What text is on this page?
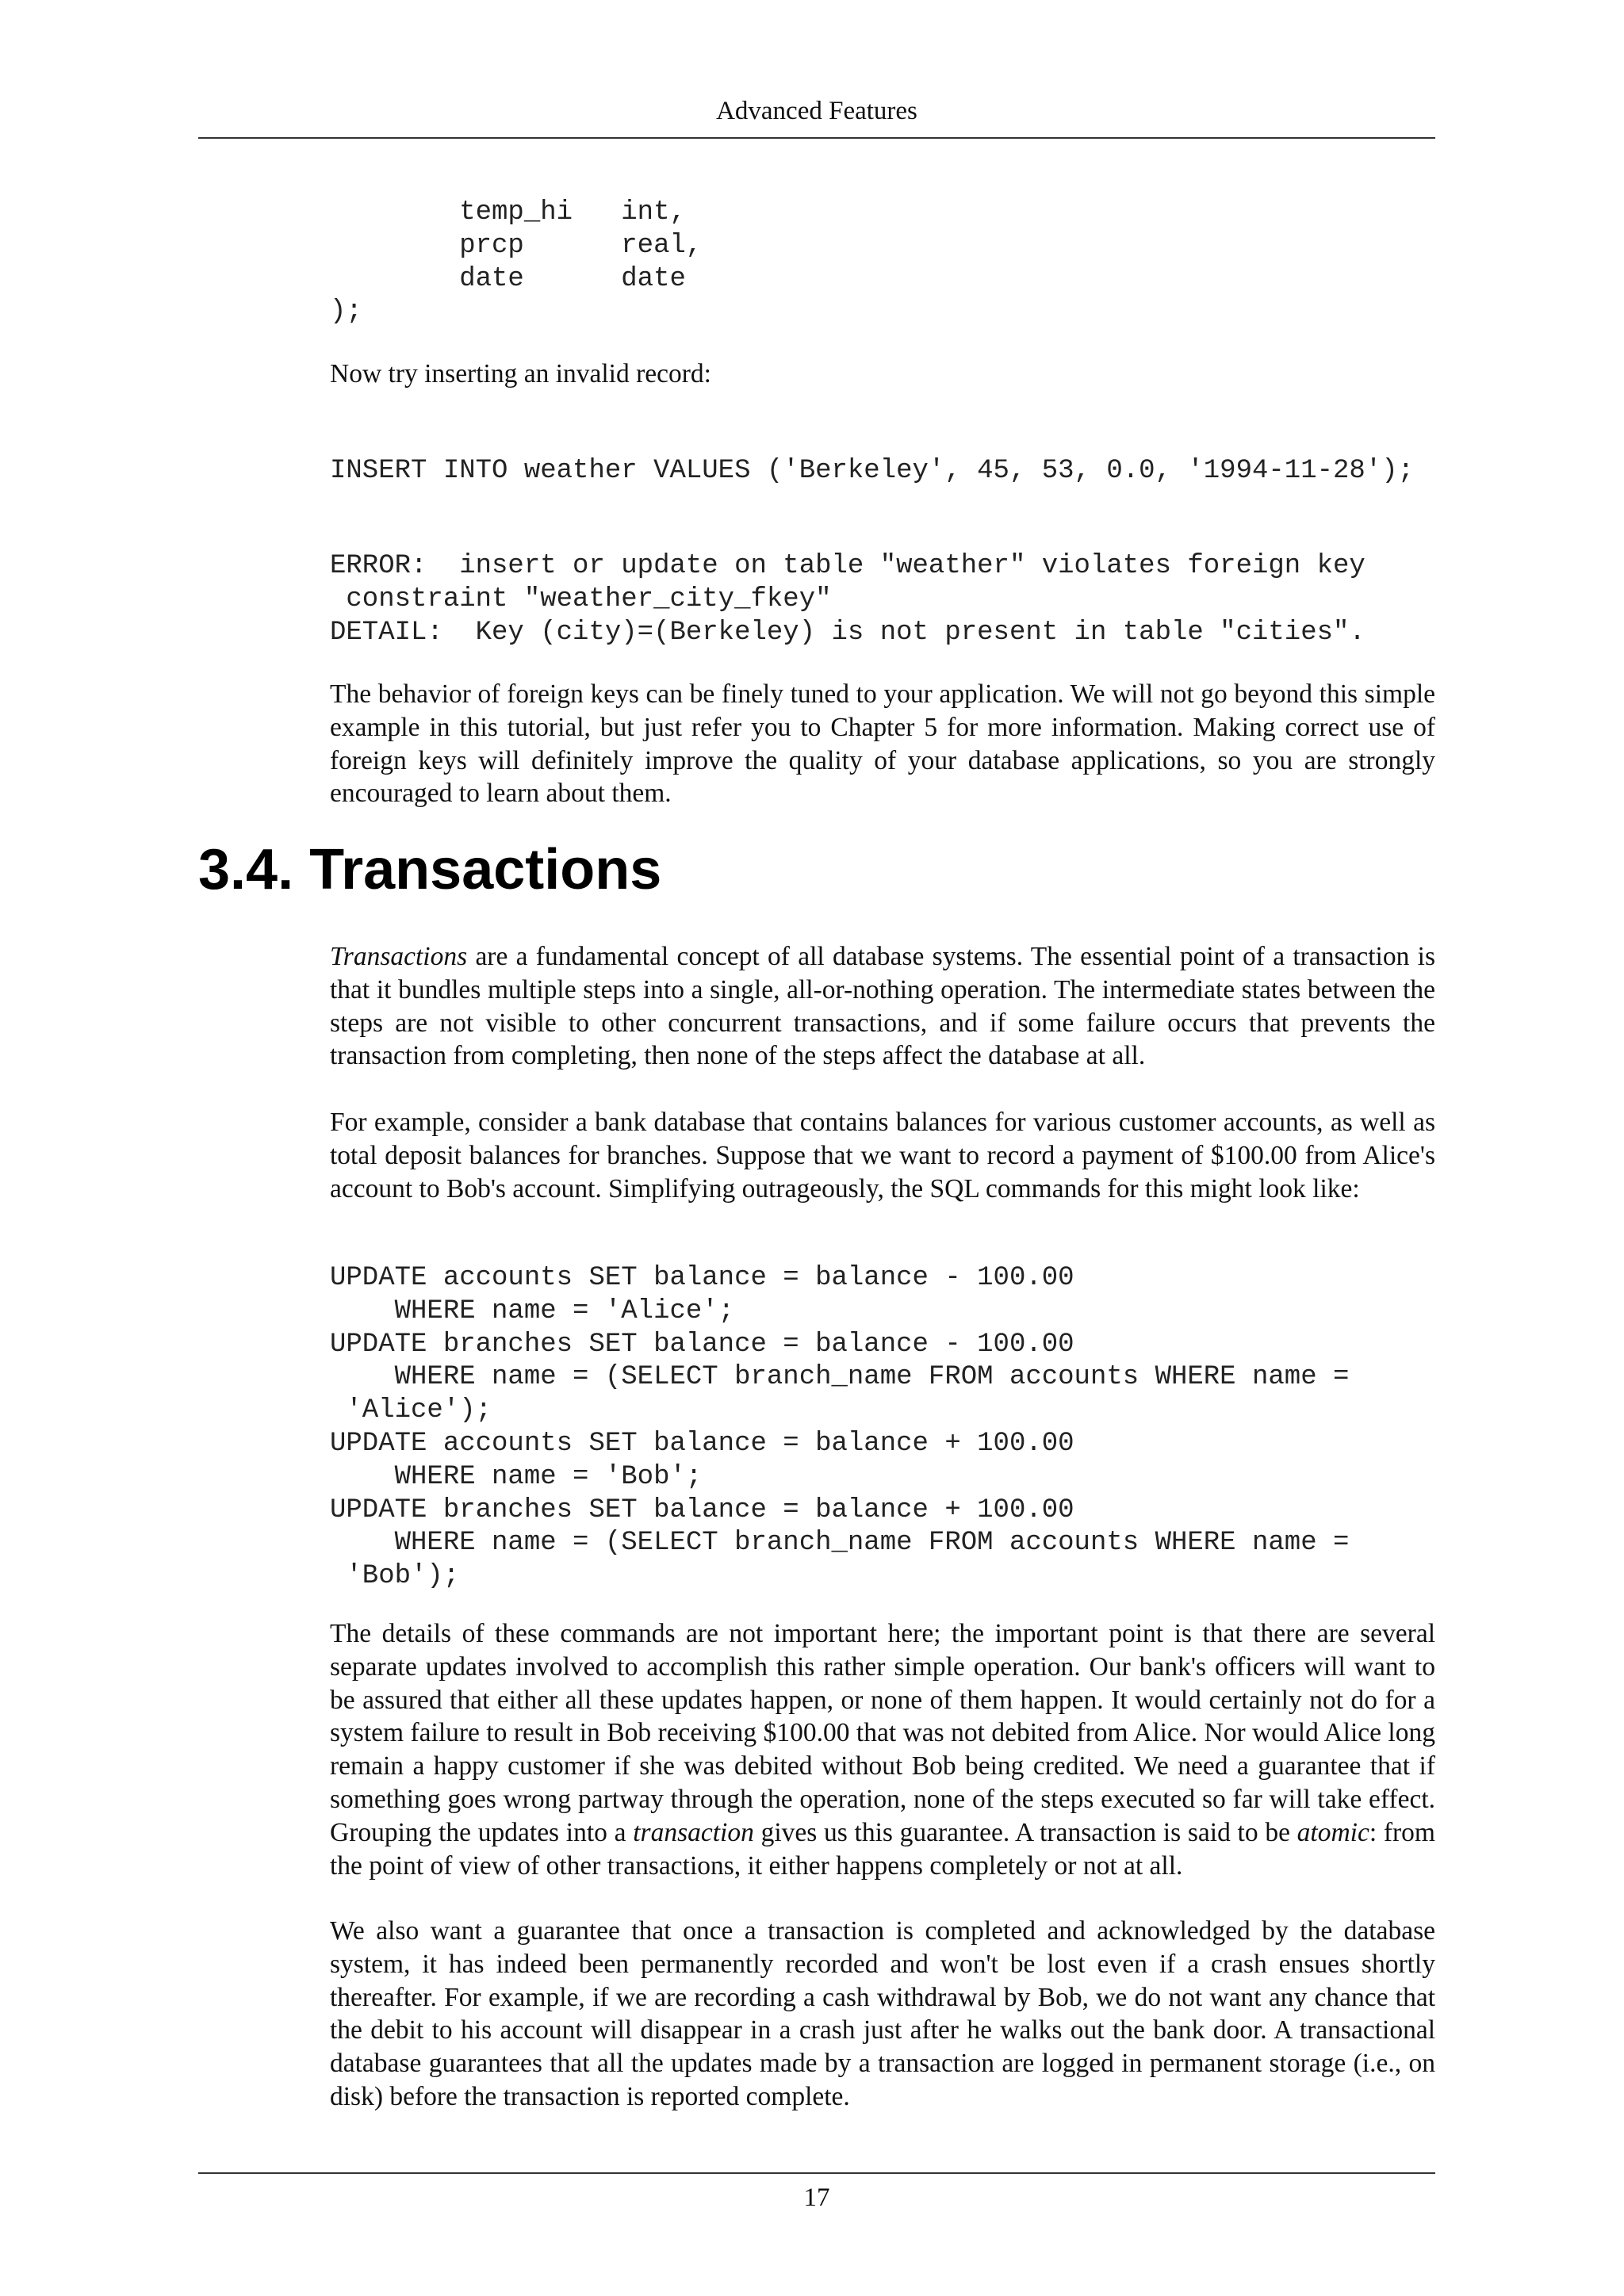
Advanced Features
temp_hi   int,
prcp      real,
date      date
);

Now try inserting an invalid record:

INSERT INTO weather VALUES ('Berkeley', 45, 53, 0.0, '1994-11-28');
ERROR:  insert or update on table "weather" violates foreign key
constraint "weather_city_fkey"
DETAIL:  Key (city)=(Berkeley) is not present in table "cities".

The behavior of foreign keys can be finely tuned to your application. We will not go beyond this simple example in this tutorial, but just refer you to Chapter 5 for more information. Making correct use of foreign keys will definitely improve the quality of your database applications, so you are strongly encouraged to learn about them.

3.4. Transactions

Transactions are a fundamental concept of all database systems. The essential point of a transaction is that it bundles multiple steps into a single, all-or-nothing operation. The intermediate states between the steps are not visible to other concurrent transactions, and if some failure occurs that prevents the transaction from completing, then none of the steps affect the database at all.

For example, consider a bank database that contains balances for various customer accounts, as well as total deposit balances for branches. Suppose that we want to record a payment of $100.00 from Alice's account to Bob's account. Simplifying outrageously, the SQL commands for this might look like:

UPDATE accounts SET balance = balance - 100.00
WHERE name = 'Alice';
UPDATE branches SET balance = balance - 100.00
WHERE name = (SELECT branch_name FROM accounts WHERE name =
'Alice');
UPDATE accounts SET balance = balance + 100.00
WHERE name = 'Bob';
UPDATE branches SET balance = balance + 100.00
WHERE name = (SELECT branch_name FROM accounts WHERE name =
'Bob');

The details of these commands are not important here; the important point is that there are several separate updates involved to accomplish this rather simple operation. Our bank's officers will want to be assured that either all these updates happen, or none of them happen. It would certainly not do for a system failure to result in Bob receiving $100.00 that was not debited from Alice. Nor would Alice long remain a happy customer if she was debited without Bob being credited. We need a guarantee that if something goes wrong partway through the operation, none of the steps executed so far will take effect. Grouping the updates into a transaction gives us this guarantee. A transaction is said to be atomic: from the point of view of other transactions, it either happens completely or not at all.

We also want a guarantee that once a transaction is completed and acknowledged by the database system, it has indeed been permanently recorded and won't be lost even if a crash ensues shortly thereafter. For example, if we are recording a cash withdrawal by Bob, we do not want any chance that the debit to his account will disappear in a crash just after he walks out the bank door. A transactional database guarantees that all the updates made by a transaction are logged in permanent storage (i.e., on disk) before the transaction is reported complete.

17
